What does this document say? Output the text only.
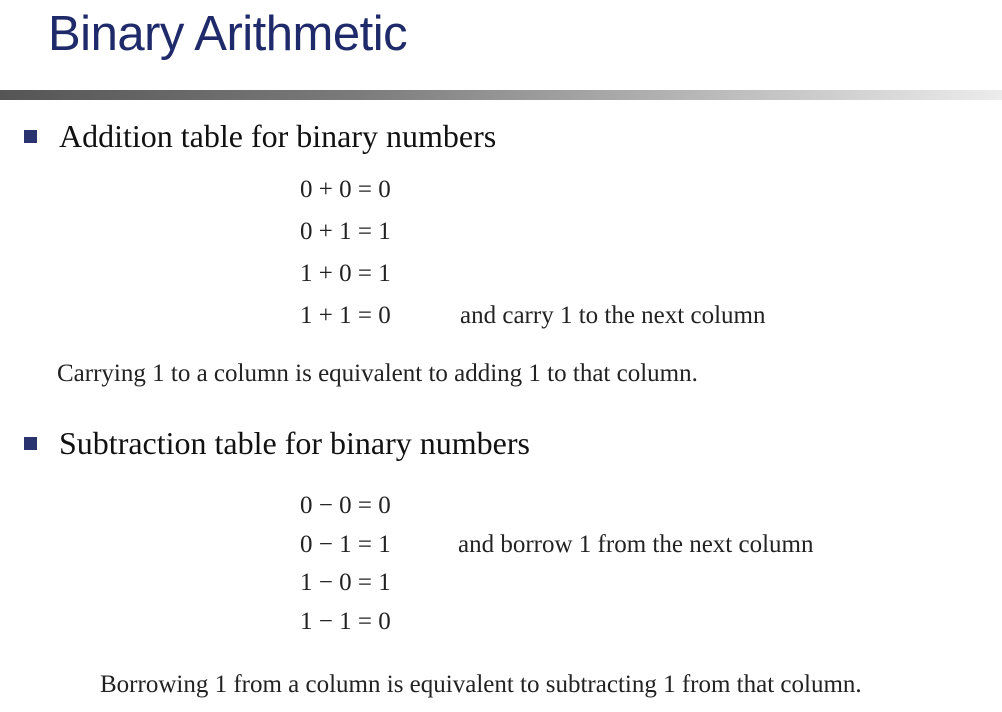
Binary Arithmetic
Addition table for binary numbers
0 + 0 = 0
0 + 1 = 1
1 + 0 = 1
1 + 1 = 0	and carry 1 to the next column
Carrying 1 to a column is equivalent to adding 1 to that column.
Subtraction table for binary numbers
0 − 0 = 0
0 − 1 = 1
1 − 0 = 1
1 − 1 = 0
and borrow 1 from the next column
Borrowing 1 from a column is equivalent to subtracting 1 from that column.
